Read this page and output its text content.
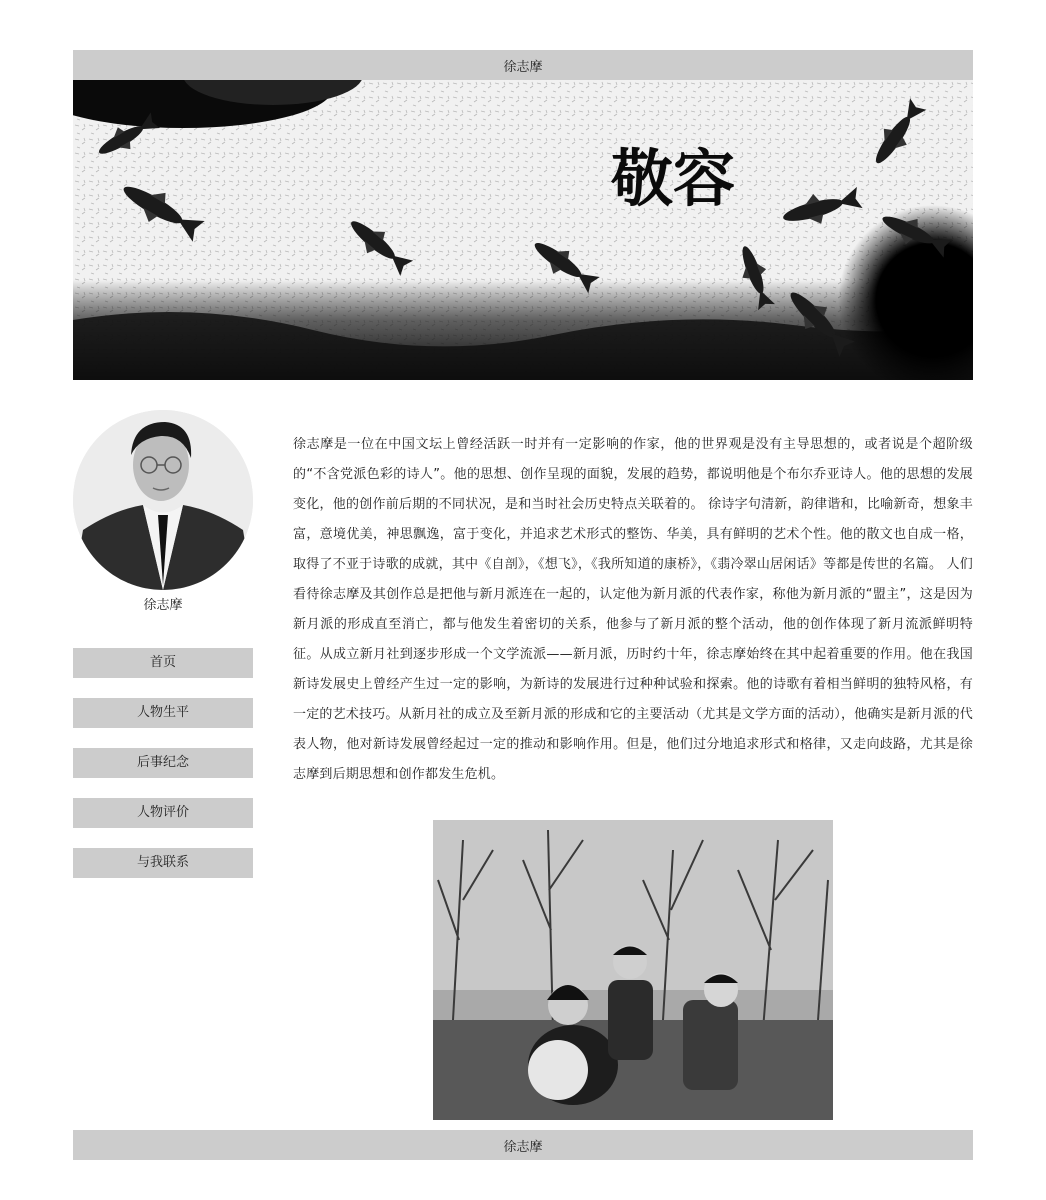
徐志摩
敬容
徐志摩
首页
人物生平
后事纪念
人物评价
与我联系

徐志摩是一位在中国文坛上曾经活跃一时并有一定影响的作家，他的世界观是没有主导思想的，或者说是个超阶级的“不含党派色彩的诗人”。他的思想、创作呈现的面貌，发展的趋势，都说明他是个布尔乔亚诗人。他的思想的发展变化，他的创作前后期的不同状况，是和当时社会历史特点关联着的。 徐诗字句清新，韵律谐和，比喻新奇，想象丰富，意境优美，神思飘逸，富于变化，并追求艺术形式的整饬、华美，具有鲜明的艺术个性。他的散文也自成一格，取得了不亚于诗歌的成就，其中《自剖》，《想飞》，《我所知道的康桥》，《翡冷翠山居闲话》等都是传世的名篇。 人们看待徐志摩及其创作总是把他与新月派连在一起的，认定他为新月派的代表作家，称他为新月派的“盟主”，这是因为新月派的形成直至消亡，都与他发生着密切的关系，他参与了新月派的整个活动，他的创作体现了新月流派鲜明特征。从成立新月社到逐步形成一个文学流派——新月派，历时约十年，徐志摩始终在其中起着重要的作用。他在我国新诗发展史上曾经产生过一定的影响，为新诗的发展进行过种种试验和探索。他的诗歌有着相当鲜明的独特风格，有一定的艺术技巧。从新月社的成立及至新月派的形成和它的主要活动（尤其是文学方面的活动），他确实是新月派的代表人物，他对新诗发展曾经起过一定的推动和影响作用。但是，他们过分地追求形式和格律，又走向歧路，尤其是徐志摩到后期思想和创作都发生危机。

徐志摩
